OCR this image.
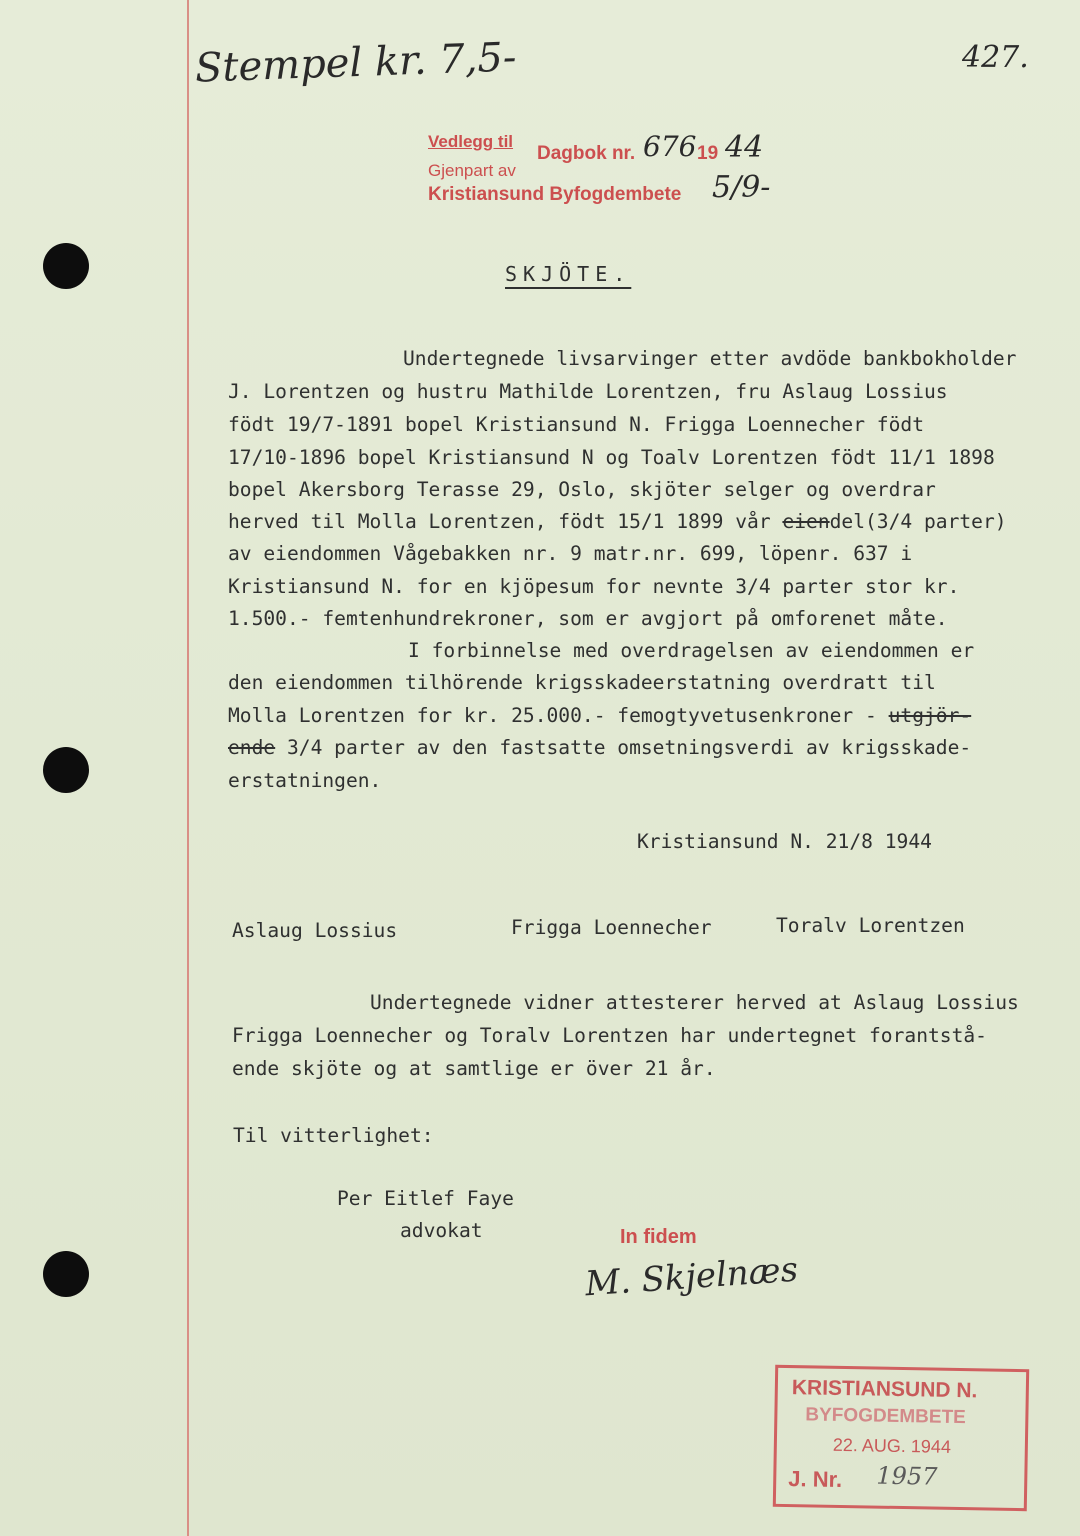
Stempel kr. 7,5-	427.
Vedlegg til
Dagbok nr. 676 19 44
Gjenpart av
Kristiansund Byfogdembete 5/9-
SKJÖTE.
Undertegnede livsarvinger etter avdöde bankbokholder
J. Lorentzen og hustru Mathilde Lorentzen, fru Aslaug Lossius
födt 19/7-1891 bopel Kristiansund N. Frigga Loennecher födt
17/10-1896 bopel Kristiansund N og Toalv Lorentzen födt 11/1 1898
bopel Akersborg Terasse 29, Oslo, skjöter selger og overdrar
herved til Molla Lorentzen, födt 15/1 1899 vår eiendel(3/4 parter)
av eiendommen Vågebakken nr. 9 matr.nr. 699, löpenr. 637 i
Kristiansund N. for en kjöpesum for nevnte 3/4 parter stor kr.
1.500.- femtenhundrekroner, som er avgjort på omforenet måte.
I forbinnelse med overdragelsen av eiendommen er
den eiendommen tilhörende krigsskadeerstatning overdratt til
Molla Lorentzen for kr. 25.000.- femogtyvetusenkroner - utgjör-
ende 3/4 parter av den fastsatte omsetningsverdi av krigsskade-
erstatningen.
Kristiansund N. 21/8 1944
Aslaug Lossius	Frigga Loennecher	Toralv Lorentzen
Undertegnede vidner attesterer herved at Aslaug Lossius
Frigga Loennecher og Toralv Lorentzen har undertegnet forantstå-
ende skjöte og at samtlige er över 21 år.
Til vitterlighet:
Per Eitlef Faye
advokat	In fidem
M. Skjelnæs
KRISTIANSUND N.
BYFOGDEMBETE
22. AUG. 1944
J. Nr. 1957
